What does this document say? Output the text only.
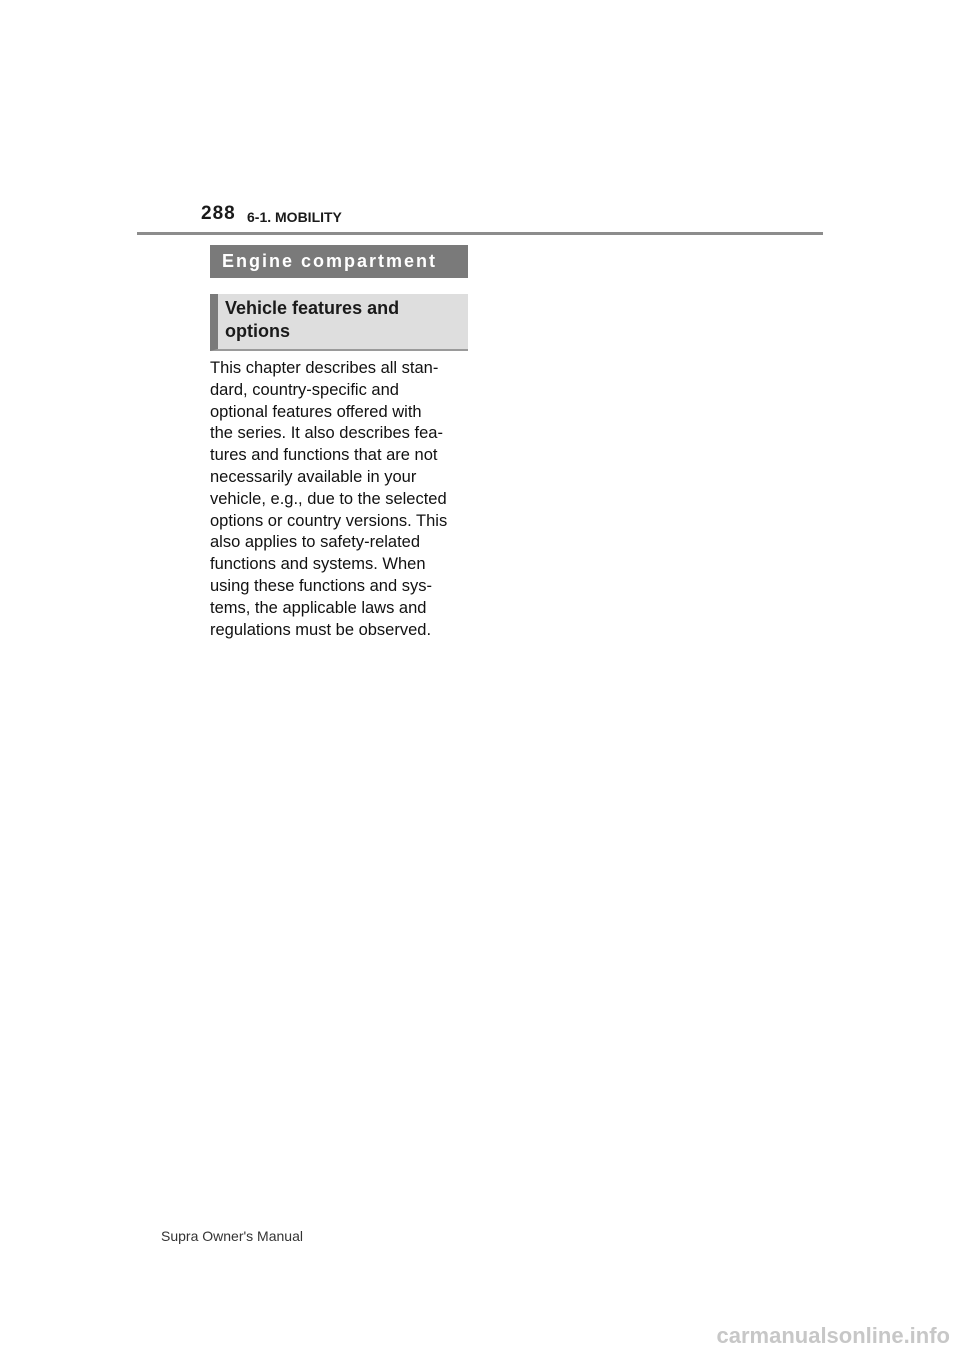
288 6-1. MOBILITY
Engine compartment
Vehicle features and
options

This chapter describes all stan-
dard, country-specific and
optional features offered with
the series. It also describes fea-
tures and functions that are not
necessarily available in your
vehicle, e.g., due to the selected
options or country versions. This
also applies to safety-related
functions and systems. When
using these functions and sys-
tems, the applicable laws and
regulations must be observed.

Supra Owner's Manual
carmanualsonline.info
